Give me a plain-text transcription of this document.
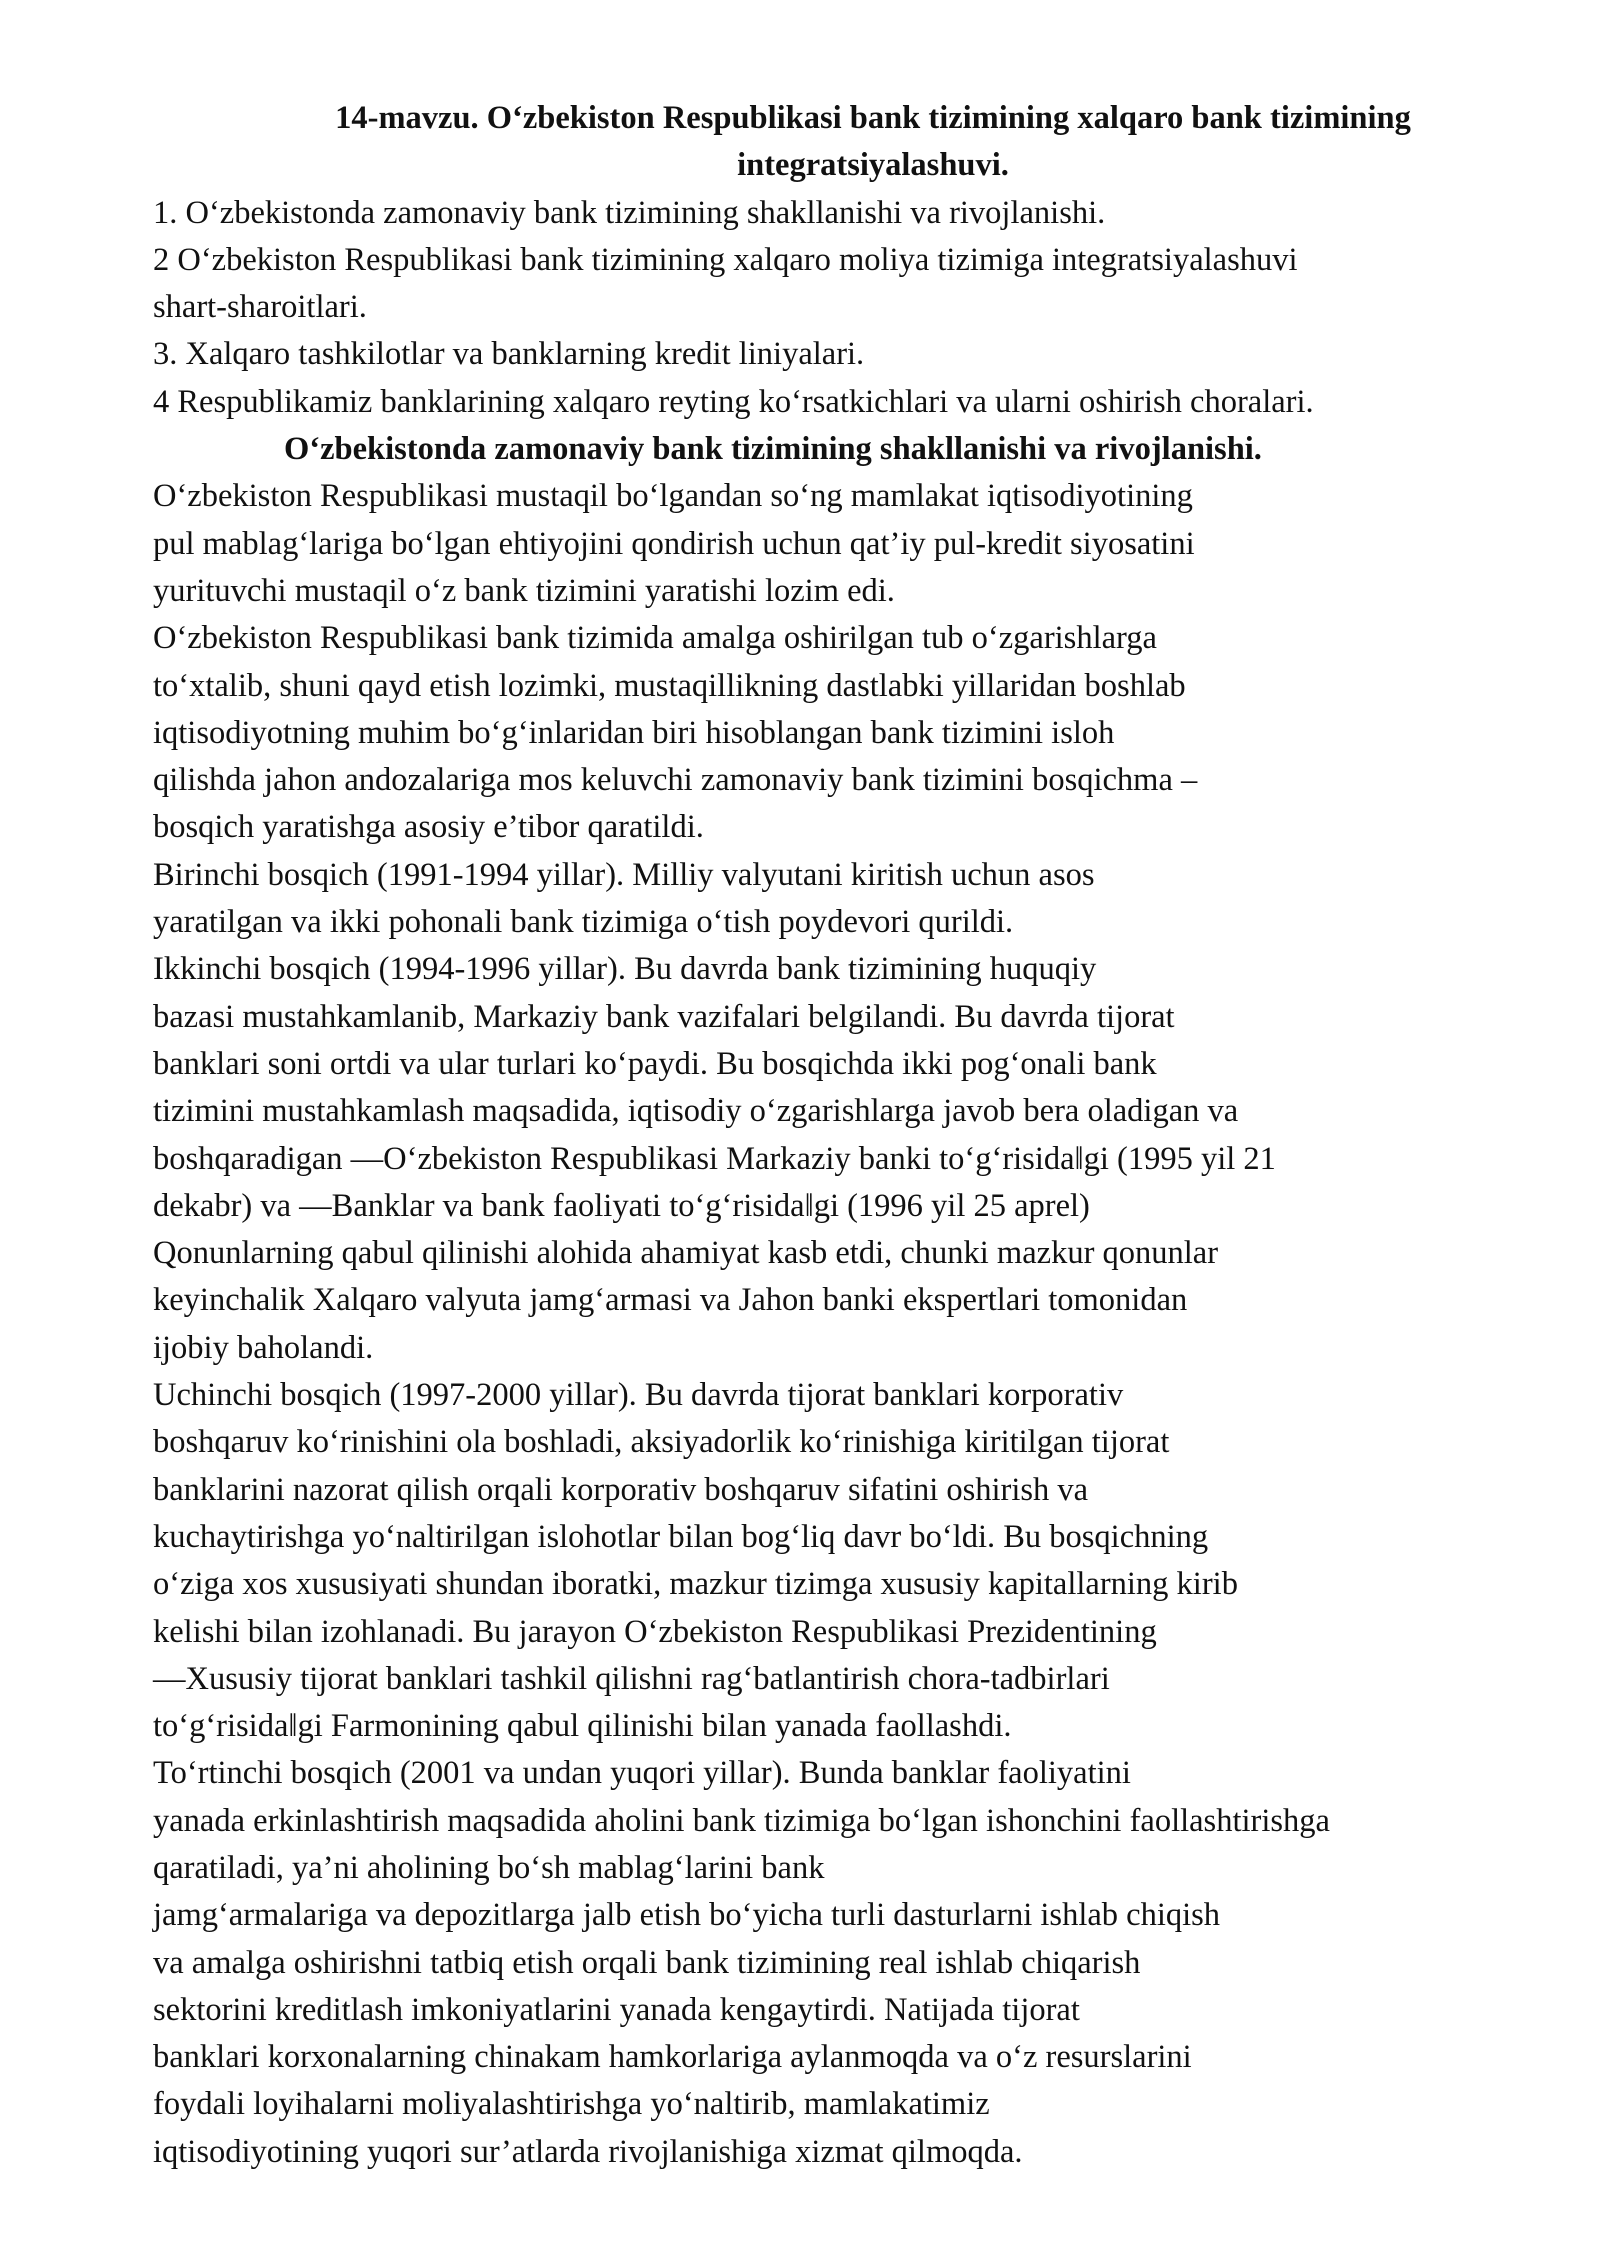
14-mavzu. O‘zbekiston Respublikasi bank tizimining xalqaro bank tizimining integratsiyalashuvi.
1. O‘zbekistonda zamonaviy bank tizimining shakllanishi va rivojlanishi.
2 O‘zbekiston Respublikasi bank tizimining xalqaro moliya tizimiga integratsiyalashuvi
shart-sharoitlari.
3. Xalqaro tashkilotlar va banklarning kredit liniyalari.
4 Respublikamiz banklarining xalqaro reyting ko‘rsatkichlari va ularni oshirish choralari.
O‘zbekistonda zamonaviy bank tizimining shakllanishi va rivojlanishi.
O‘zbekiston Respublikasi mustaqil bo‘lgandan so‘ng mamlakat iqtisodiyotining
pul mablag‘lariga bo‘lgan ehtiyojini qondirish uchun qat’iy pul-kredit siyosatini
yurituvchi mustaqil o‘z bank tizimini yaratishi lozim edi.
O‘zbekiston Respublikasi bank tizimida amalga oshirilgan tub o‘zgarishlarga
to‘xtalib, shuni qayd etish lozimki, mustaqillikning dastlabki yillaridan boshlab
iqtisodiyotning muhim bo‘g‘inlaridan biri hisoblangan bank tizimini isloh
qilishda jahon andozalariga mos keluvchi zamonaviy bank tizimini bosqichma –
bosqich yaratishga asosiy e’tibor qaratildi.
Birinchi bosqich (1991-1994 yillar). Milliy valyutani kiritish uchun asos
yaratilgan va ikki pohonali bank tizimiga o‘tish poydevori qurildi.
Ikkinchi bosqich (1994-1996 yillar). Bu davrda bank tizimining huquqiy
bazasi mustahkamlanib, Markaziy bank vazifalari belgilandi. Bu davrda tijorat
banklari soni ortdi va ular turlari ko‘paydi. Bu bosqichda ikki pog‘onali bank
tizimini mustahkamlash maqsadida, iqtisodiy o‘zgarishlarga javob bera oladigan va
boshqaradigan ―O‘zbekiston Respublikasi Markaziy banki to‘g‘risida‖gi (1995 yil 21
dekabr) va ―Banklar va bank faoliyati to‘g‘risida‖gi (1996 yil 25 aprel)
Qonunlarning qabul qilinishi alohida ahamiyat kasb etdi, chunki mazkur qonunlar
keyinchalik Xalqaro valyuta jamg‘armasi va Jahon banki ekspertlari tomonidan
ijobiy baholandi.
Uchinchi bosqich (1997-2000 yillar). Bu davrda tijorat banklari korporativ
boshqaruv ko‘rinishini ola boshladi, aksiyadorlik ko‘rinishiga kiritilgan tijorat
banklarini nazorat qilish orqali korporativ boshqaruv sifatini oshirish va
kuchaytirishga yo‘naltirilgan islohotlar bilan bog‘liq davr bo‘ldi. Bu bosqichning
o‘ziga xos xususiyati shundan iboratki, mazkur tizimga xususiy kapitallarning kirib
kelishi bilan izohlanadi. Bu jarayon O‘zbekiston Respublikasi Prezidentining
―Xususiy tijorat banklari tashkil qilishni rag‘batlantirish chora-tadbirlari
to‘g‘risida‖gi Farmonining qabul qilinishi bilan yanada faollashdi.
To‘rtinchi bosqich (2001 va undan yuqori yillar). Bunda banklar faoliyatini
yanada erkinlashtirish maqsadida aholini bank tizimiga bo‘lgan ishonchini faollashtirishga
qaratiladi, ya’ni aholining bo‘sh mablag‘larini bank
jamg‘armalariga va depozitlarga jalb etish bo‘yicha turli dasturlarni ishlab chiqish
va amalga oshirishni tatbiq etish orqali bank tizimining real ishlab chiqarish
sektorini kreditlash imkoniyatlarini yanada kengaytirdi. Natijada tijorat
banklari korxonalarning chinakam hamkorlariga aylanmoqda va o‘z resurslarini
foydali loyihalarni moliyalashtirishga yo‘naltirib, mamlakatimiz
iqtisodiyotining yuqori sur’atlarda rivojlanishiga xizmat qilmoqda.
